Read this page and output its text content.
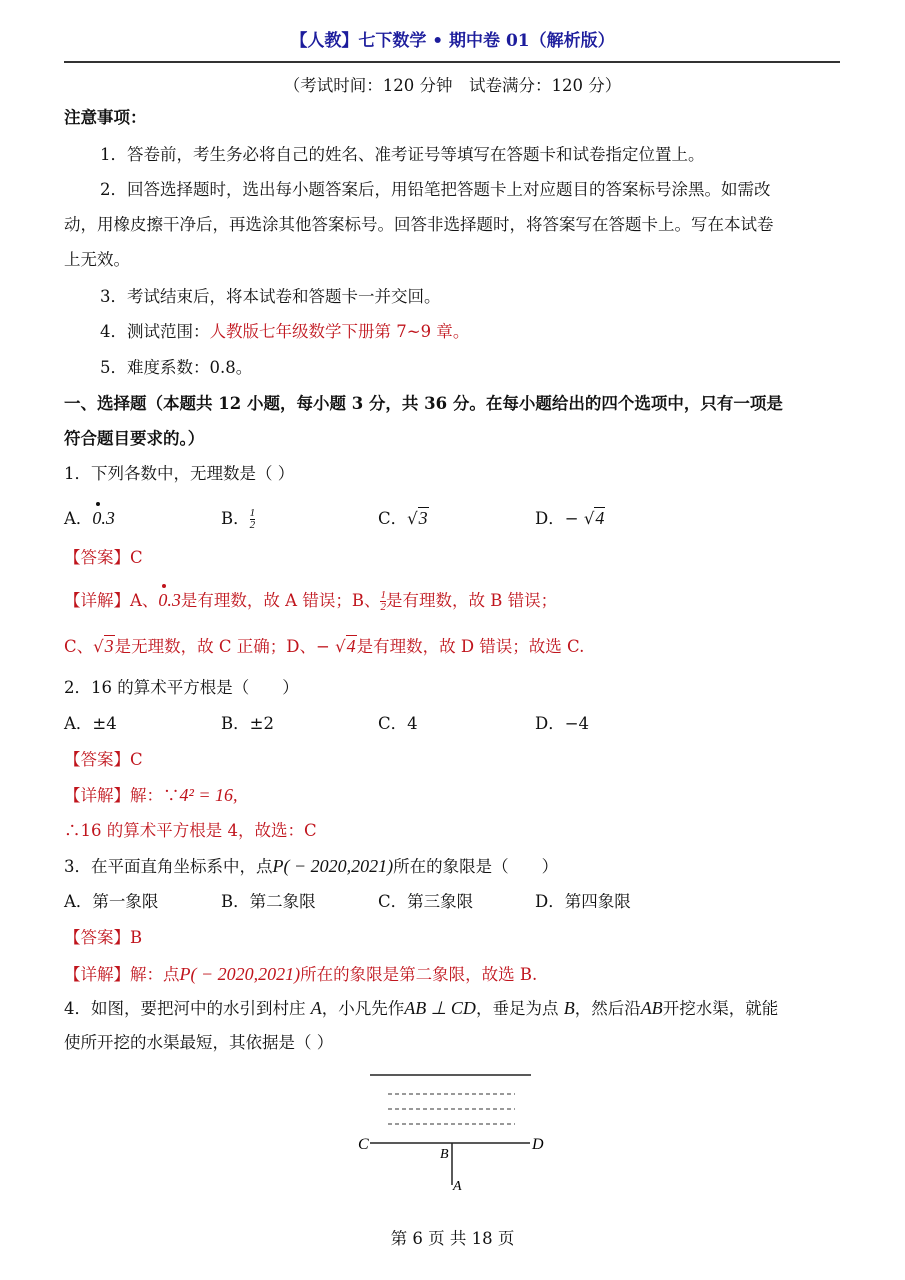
【人教】七下数学 • 期中卷 01（解析版）
（考试时间：120 分钟　试卷满分：120 分）
注意事项：
1．答卷前，考生务必将自己的姓名、准考证号等填写在答题卡和试卷指定位置上。
2．回答选择题时，选出每小题答案后，用铅笔把答题卡上对应题目的答案标号涂黑。如需改
动，用橡皮擦干净后，再选涂其他答案标号。回答非选择题时，将答案写在答题卡上。写在本试卷
上无效。
3．考试结束后，将本试卷和答题卡一并交回。
4．测试范围：人教版七年级数学下册第 7~9 章。
5．难度系数：0.8。
一、选择题（本题共 12 小题，每小题 3 分，共 36 分。在每小题给出的四个选项中，只有一项是
符合题目要求的。）
1．下列各数中，无理数是（ ）
A．0.3	B． $\frac{1}{2}$	C．√3	D．− √4
【答案】C
【详解】A、0.3是有理数，故 A 错误；B、 $\frac{1}{2}$ 是有理数，故 B 错误；
C、√3是无理数，故 C 正确；D、− √4是有理数，故 D 错误；故选 C.
2．16 的算术平方根是（　　）
A．±4	B．±2	C．4	D．−4
【答案】C
【详解】解：∵4² = 16,
∴16 的算术平方根是 4，故选：C
3．在平面直角坐标系中，点P( − 2020,2021)所在的象限是（　　）
A．第一象限	B．第二象限	C．第三象限	D．第四象限
【答案】B
【详解】解：点P( − 2020,2021)所在的象限是第二象限，故选 B.
4．如图，要把河中的水引到村庄 A，小凡先作AB ⊥ CD，垂足为点 B，然后沿AB开挖水渠，就能
使所开挖的水渠最短，其依据是（ ）
C	D
B
A
第 6 页 共 18 页
